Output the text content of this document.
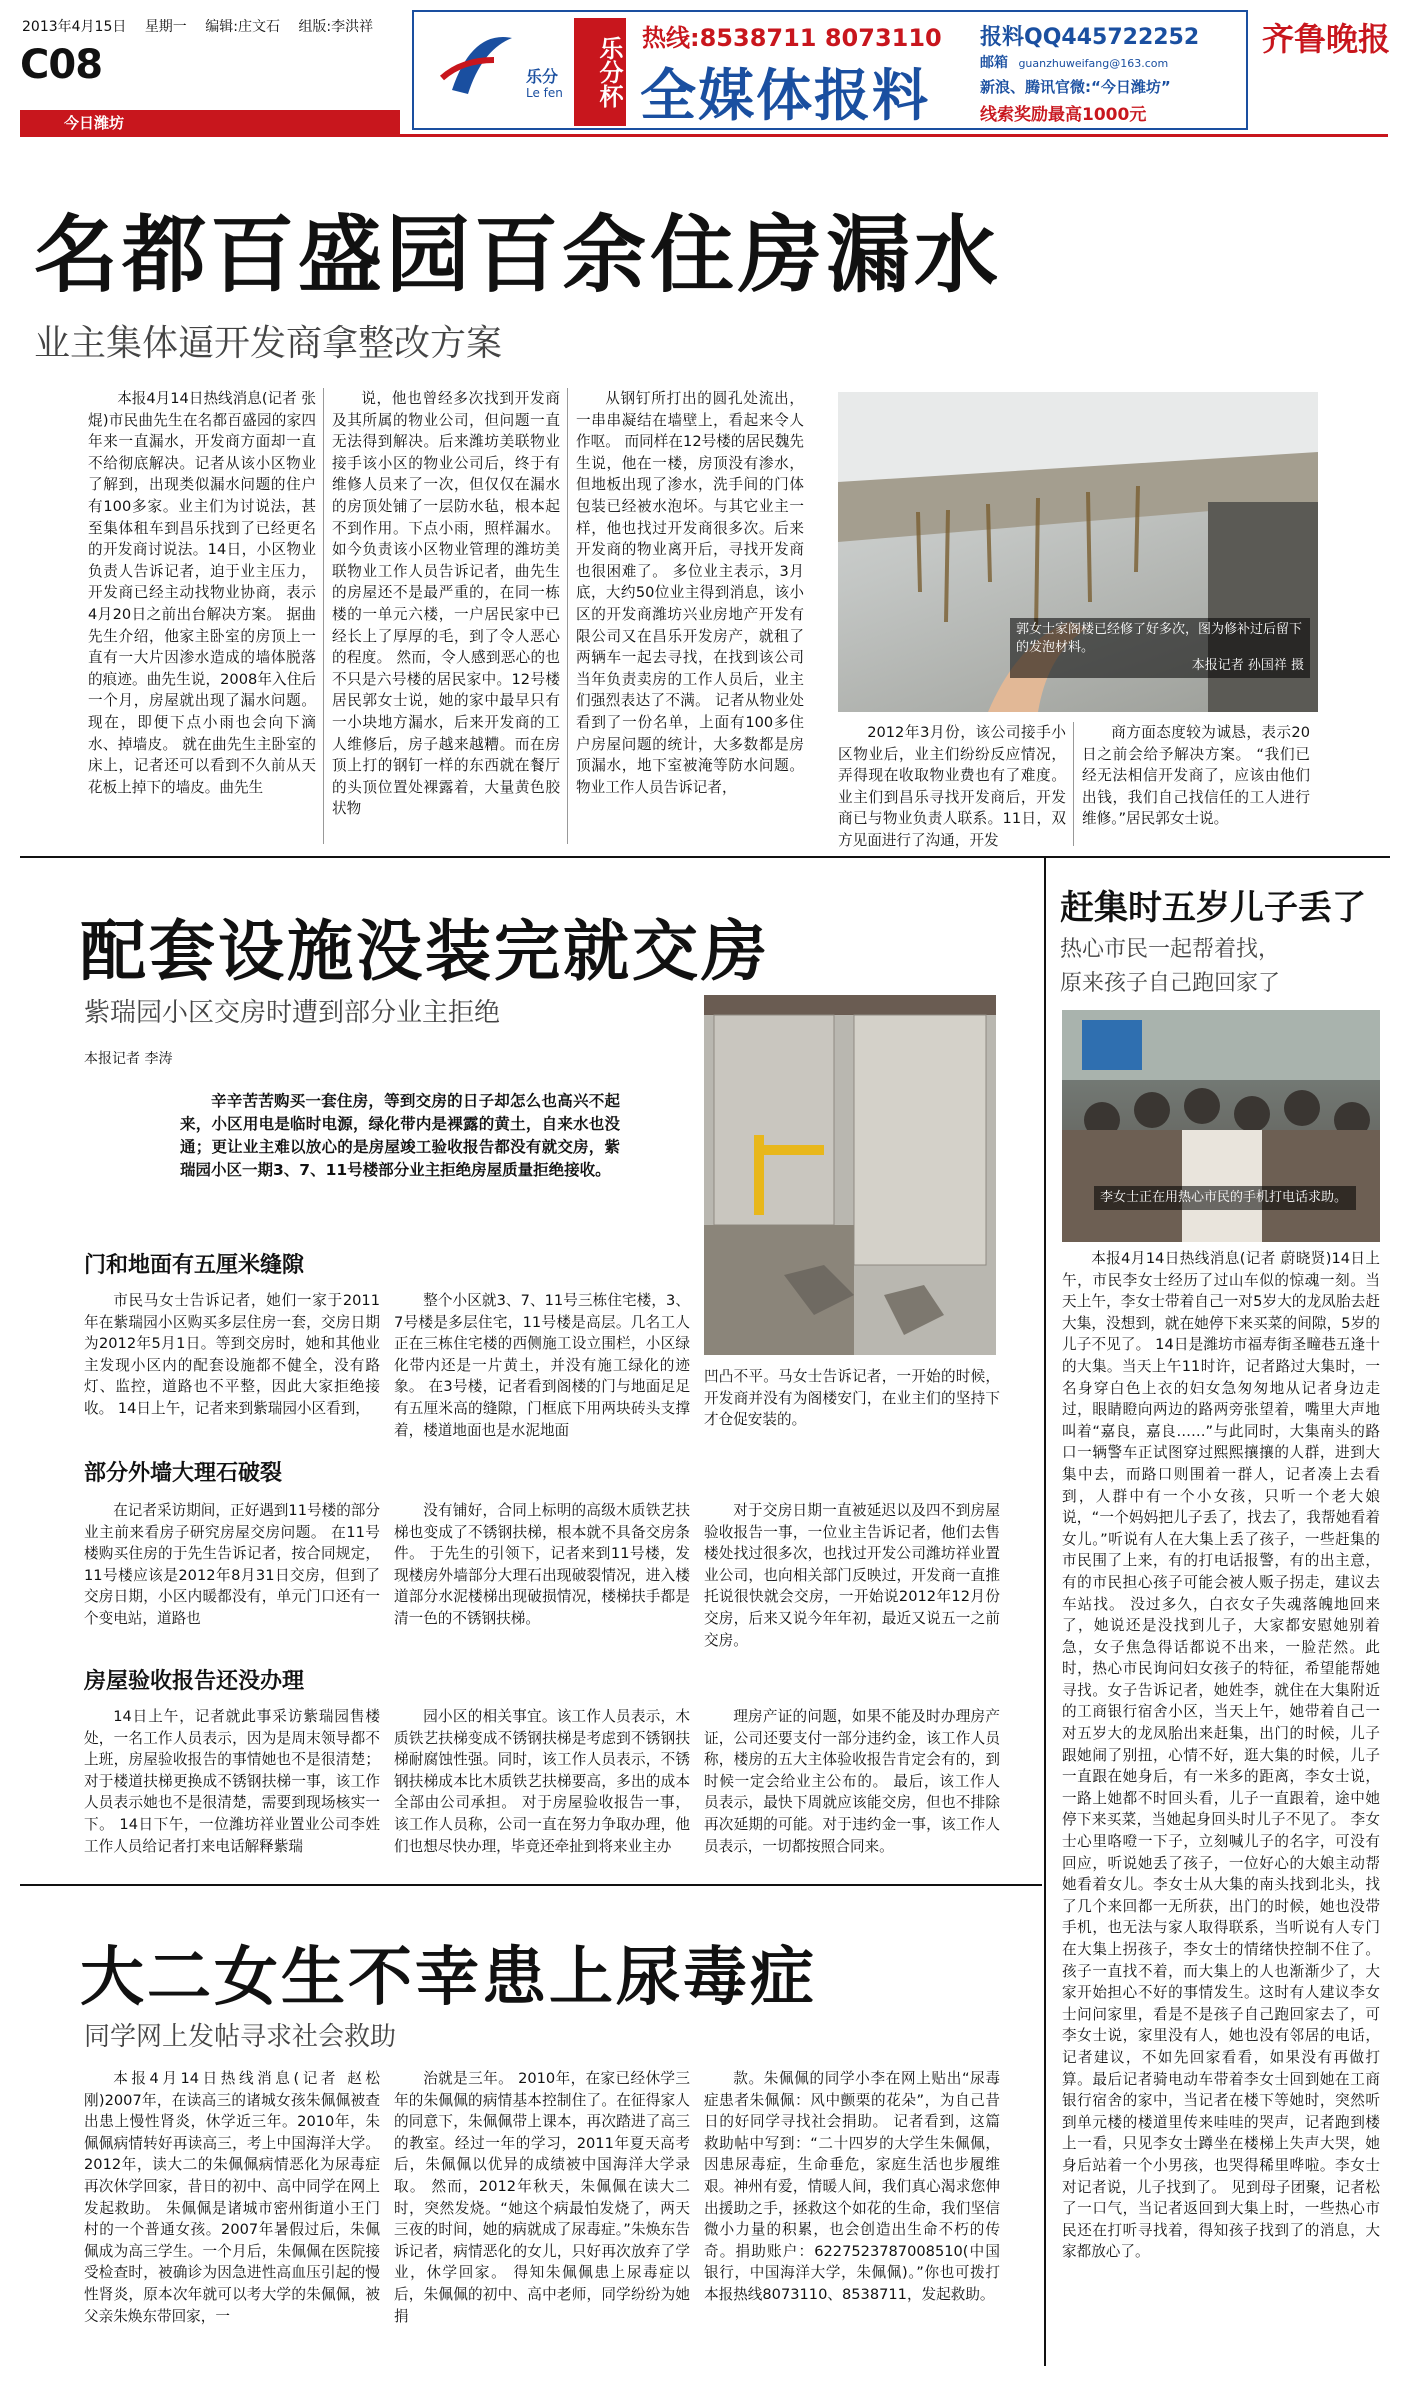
2013年4月15日 星期一 编辑:庄文石 组版:李洪祥
C08
今日潍坊
乐分
Le fen	乐分杯 热线:8538711 8073110
全媒体报料
报料QQ445722252
邮箱 guanzhuweifang@163.com
新浪、腾讯官微:“今日潍坊”
线索奖励最高1000元
齐鲁晚报
名都百盛园百余住房漏水
业主集体逼开发商拿整改方案

本报4月14日热线消息(记者 张焜)市民曲先生在名都百盛园的家四年来一直漏水，开发商方面却一直不给彻底解决。记者从该小区物业了解到，出现类似漏水问题的住户有100多家。业主们为讨说法，甚至集体租车到昌乐找到了已经更名的开发商讨说法。14日，小区物业负责人告诉记者，迫于业主压力，开发商已经主动找物业协商，表示4月20日之前出台解决方案。 据曲先生介绍，他家主卧室的房顶上一直有一大片因渗水造成的墙体脱落的痕迹。曲先生说，2008年入住后一个月，房屋就出现了漏水问题。现在，即便下点小雨也会向下滴水、掉墙皮。 就在曲先生主卧室的床上，记者还可以看到不久前从天花板上掉下的墙皮。曲先生

说，他也曾经多次找到开发商及其所属的物业公司，但问题一直无法得到解决。后来潍坊美联物业接手该小区的物业公司后，终于有维修人员来了一次，但仅仅在漏水的房顶处铺了一层防水毡，根本起不到作用。下点小雨，照样漏水。 如今负责该小区物业管理的潍坊美联物业工作人员告诉记者，曲先生的房屋还不是最严重的，在同一栋楼的一单元六楼，一户居民家中已经长上了厚厚的毛，到了令人恶心的程度。 然而，令人感到恶心的也不只是六号楼的居民家中。12号楼居民郭女士说，她的家中最早只有一小块地方漏水，后来开发商的工人维修后，房子越来越糟。而在房顶上打的钢钉一样的东西就在餐厅的头顶位置处裸露着，大量黄色胶状物

从钢钉所打出的圆孔处流出，一串串凝结在墙壁上，看起来令人作呕。 而同样在12号楼的居民魏先生说，他在一楼，房顶没有渗水，但地板出现了渗水，洗手间的门体包装已经被水泡坏。与其它业主一样，他也找过开发商很多次。后来开发商的物业离开后，寻找开发商也很困难了。 多位业主表示，3月底，大约50位业主得到消息，该小区的开发商潍坊兴业房地产开发有限公司又在昌乐开发房产，就租了两辆车一起去寻找，在找到该公司当年负责卖房的工作人员后，业主们强烈表达了不满。 记者从物业处看到了一份名单，上面有100多住户房屋问题的统计，大多数都是房顶漏水，地下室被淹等防水问题。 物业工作人员告诉记者，

郭女士家阁楼已经修了好多次，图为修补过后留下的发泡材料。
本报记者 孙国祥 摄

2012年3月份，该公司接手小区物业后，业主们纷纷反应情况，弄得现在收取物业费也有了难度。业主们到昌乐寻找开发商后，开发商已与物业负责人联系。11日，双方见面进行了沟通，开发

商方面态度较为诚恳，表示20日之前会给予解决方案。 “我们已经无法相信开发商了，应该由他们出钱，我们自己找信任的工人进行维修。”居民郭女士说。

配套设施没装完就交房
紫瑞园小区交房时遭到部分业主拒绝
本报记者 李涛

辛辛苦苦购买一套住房，等到交房的日子却怎么也高兴不起来，小区用电是临时电源，绿化带内是裸露的黄土，自来水也没通；更让业主难以放心的是房屋竣工验收报告都没有就交房，紫瑞园小区一期3、7、11号楼部分业主拒绝房屋质量拒绝接收。

门和地面有五厘米缝隙

市民马女士告诉记者，她们一家于2011年在紫瑞园小区购买多层住房一套，交房日期为2012年5月1日。等到交房时，她和其他业主发现小区内的配套设施都不健全，没有路灯、监控，道路也不平整，因此大家拒绝接收。 14日上午，记者来到紫瑞园小区看到，

整个小区就3、7、11号三栋住宅楼，3、7号楼是多层住宅，11号楼是高层。几名工人正在三栋住宅楼的西侧施工设立围栏，小区绿化带内还是一片黄土，并没有施工绿化的迹象。 在3号楼，记者看到阁楼的门与地面足足有五厘米高的缝隙，门框底下用两块砖头支撑着，楼道地面也是水泥地面

凹凸不平。马女士告诉记者，一开始的时候，开发商并没有为阁楼安门，在业主们的坚持下才仓促安装的。

部分外墙大理石破裂

在记者采访期间，正好遇到11号楼的部分业主前来看房子研究房屋交房问题。 在11号楼购买住房的于先生告诉记者，按合同规定，11号楼应该是2012年8月31日交房，但到了交房日期，小区内暖都没有，单元门口还有一个变电站，道路也

没有铺好，合同上标明的高级木质铁艺扶梯也变成了不锈钢扶梯，根本就不具备交房条件。 于先生的引领下，记者来到11号楼，发现楼房外墙部分大理石出现破裂情况，进入楼道部分水泥楼梯出现破损情况，楼梯扶手都是清一色的不锈钢扶梯。

对于交房日期一直被延迟以及四不到房屋验收报告一事，一位业主告诉记者，他们去售楼处找过很多次，也找过开发公司潍坊祥业置业公司，也向相关部门反映过，开发商一直推托说很快就会交房，一开始说2012年12月份交房，后来又说今年年初，最近又说五一之前交房。

房屋验收报告还没办理

14日上午，记者就此事采访紫瑞园售楼处，一名工作人员表示，因为是周末领导都不上班，房屋验收报告的事情她也不是很清楚；对于楼道扶梯更换成不锈钢扶梯一事，该工作人员表示她也不是很清楚，需要到现场核实一下。 14日下午，一位潍坊祥业置业公司李姓工作人员给记者打来电话解释紫瑞

园小区的相关事宜。该工作人员表示，木质铁艺扶梯变成不锈钢扶梯是考虑到不锈钢扶梯耐腐蚀性强。同时，该工作人员表示，不锈钢扶梯成本比木质铁艺扶梯要高，多出的成本全部由公司承担。 对于房屋验收报告一事，该工作人员称，公司一直在努力争取办理，他们也想尽快办理，毕竟还牵扯到将来业主办

理房产证的问题，如果不能及时办理房产证，公司还要支付一部分违约金，该工作人员称，楼房的五大主体验收报告肯定会有的，到时候一定会给业主公布的。 最后，该工作人员表示，最快下周就应该能交房，但也不排除再次延期的可能。对于违约金一事，该工作人员表示，一切都按照合同来。

大二女生不幸患上尿毒症
同学网上发帖寻求社会救助

本报4月14日热线消息(记者 赵松刚)2007年，在读高三的诸城女孩朱佩佩被查出患上慢性肾炎，休学近三年。2010年，朱佩佩病情转好再读高三，考上中国海洋大学。2012年，读大二的朱佩佩病情恶化为尿毒症再次休学回家，昔日的初中、高中同学在网上发起救助。 朱佩佩是诸城市密州街道小王门村的一个普通女孩。2007年暑假过后，朱佩佩成为高三学生。一个月后，朱佩佩在医院接受检查时，被确诊为因急进性高血压引起的慢性肾炎，原本次年就可以考大学的朱佩佩，被父亲朱焕东带回家，一

治就是三年。 2010年，在家已经休学三年的朱佩佩的病情基本控制住了。在征得家人的同意下，朱佩佩带上课本，再次踏进了高三的教室。经过一年的学习，2011年夏天高考后，朱佩佩以优异的成绩被中国海洋大学录取。 然而，2012年秋天，朱佩佩在读大二时，突然发烧。“她这个病最怕发烧了，两天三夜的时间，她的病就成了尿毒症。”朱焕东告诉记者，病情恶化的女儿，只好再次放弃了学业，休学回家。 得知朱佩佩患上尿毒症以后，朱佩佩的初中、高中老师，同学纷纷为她捐

款。朱佩佩的同学小李在网上贴出“尿毒症患者朱佩佩：风中颤栗的花朵”，为自己昔日的好同学寻找社会捐助。 记者看到，这篇救助帖中写到：“二十四岁的大学生朱佩佩，因患尿毒症，生命垂危，家庭生活也步履维艰。神州有爱，情暖人间，我们真心渴求您伸出援助之手，拯救这个如花的生命，我们坚信微小力量的积累，也会创造出生命不朽的传奇。捐助账户：6227523787008510(中国银行，中国海洋大学，朱佩佩)。”你也可拨打本报热线8073110、8538711，发起救助。

赶集时五岁儿子丢了
热心市民一起帮着找，
原来孩子自己跑回家了
李女士正在用热心市民的手机打电话求助。

本报4月14日热线消息(记者 蔚晓贤)14日上午，市民李女士经历了过山车似的惊魂一刻。当天上午，李女士带着自己一对5岁大的龙凤胎去赶大集，没想到，就在她停下来买菜的间隙，5岁的儿子不见了。 14日是潍坊市福寿街圣疃巷五逢十的大集。当天上午11时许，记者路过大集时，一名身穿白色上衣的妇女急匆匆地从记者身边走过，眼睛瞪向两边的路两旁张望着，嘴里大声地叫着“嘉良，嘉良……”与此同时，大集南头的路口一辆警车正试图穿过熙熙攘攘的人群，进到大集中去，而路口则围着一群人，记者凑上去看到，人群中有一个小女孩，只听一个老大娘说，“一个妈妈把儿子丢了，找去了，我帮她看着女儿。”听说有人在大集上丢了孩子，一些赶集的市民围了上来，有的打电话报警，有的出主意，有的市民担心孩子可能会被人贩子拐走，建议去车站找。 没过多久，白衣女子失魂落魄地回来了，她说还是没找到儿子，大家都安慰她别着急，女子焦急得话都说不出来，一脸茫然。此时，热心市民询问妇女孩子的特征，希望能帮她寻找。女子告诉记者，她姓李，就住在大集附近的工商银行宿舍小区，当天上午，她带着自己一对五岁大的龙凤胎出来赶集，出门的时候，儿子跟她闹了别扭，心情不好，逛大集的时候，儿子一直跟在她身后，有一米多的距离，李女士说，一路上她都不时回头看，儿子一直跟着，途中她停下来买菜，当她起身回头时儿子不见了。 李女士心里咯噔一下子，立刻喊儿子的名字，可没有回应，听说她丢了孩子，一位好心的大娘主动帮她看着女儿。李女士从大集的南头找到北头，找了几个来回都一无所获，出门的时候，她也没带手机，也无法与家人取得联系，当听说有人专门在大集上拐孩子，李女士的情绪快控制不住了。 孩子一直找不着，而大集上的人也渐渐少了，大家开始担心不好的事情发生。这时有人建议李女士问问家里，看是不是孩子自己跑回家去了，可李女士说，家里没有人，她也没有邻居的电话，记者建议，不如先回家看看，如果没有再做打算。最后记者骑电动车带着李女士回到她在工商银行宿舍的家中，当记者在楼下等她时，突然听到单元楼的楼道里传来哇哇的哭声，记者跑到楼上一看，只见李女士蹲坐在楼梯上失声大哭，她身后站着一个小男孩，也哭得稀里哗啦。李女士对记者说，儿子找到了。 见到母子团聚，记者松了一口气，当记者返回到大集上时，一些热心市民还在打听寻找着，得知孩子找到了的消息，大家都放心了。
